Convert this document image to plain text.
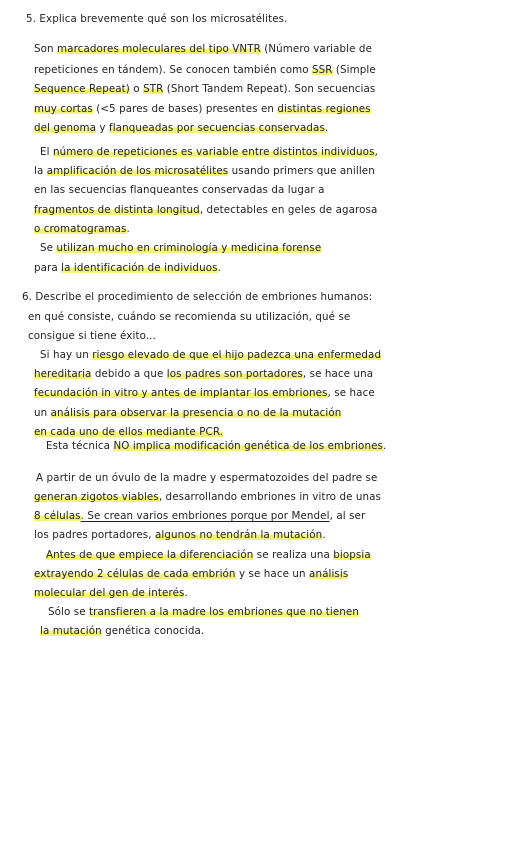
5. Explica brevemente qué son los microsatélites.
Son marcadores moleculares del tipo VNTR (Número variable de
repeticiones en tándem). Se conocen también como SSR (Simple
Sequence Repeat) o STR (Short Tandem Repeat). Son secuencias
muy cortas (<5 pares de bases) presentes en distintas regiones
del genoma y flanqueadas por secuencias conservadas.
El número de repeticiones es variable entre distintos individuos,
la amplificación de los microsatélites usando primers que anillen
en las secuencias flanqueantes conservadas da lugar a
fragmentos de distinta longitud, detectables en geles de agarosa
o cromatogramas.
Se utilizan mucho en criminología y medicina forense
para la identificación de individuos.
6. Describe el procedimiento de selección de embriones humanos:
en qué consiste, cuándo se recomienda su utilización, qué se
consigue si tiene éxito...
Si hay un riesgo elevado de que el hijo padezca una enfermedad
hereditaria debido a que los padres son portadores, se hace una
fecundación in vitro y antes de implantar los embriones, se hace
un análisis para observar la presencia o no de la mutación
en cada uno de ellos mediante PCR.
Esta técnica NO implica modificación genética de los embriones.
A partir de un óvulo de la madre y espermatozoides del padre se
generan zigotos viables, desarrollando embriones in vitro de unas
8 células. Se crean varios embriones porque por Mendel, al ser
los padres portadores, algunos no tendrán la mutación.
Antes de que empiece la diferenciación se realiza una biopsia
extrayendo 2 células de cada embrión y se hace un análisis
molecular del gen de interés.
Sólo se transfieren a la madre los embriones que no tienen
la mutación genética conocida.
